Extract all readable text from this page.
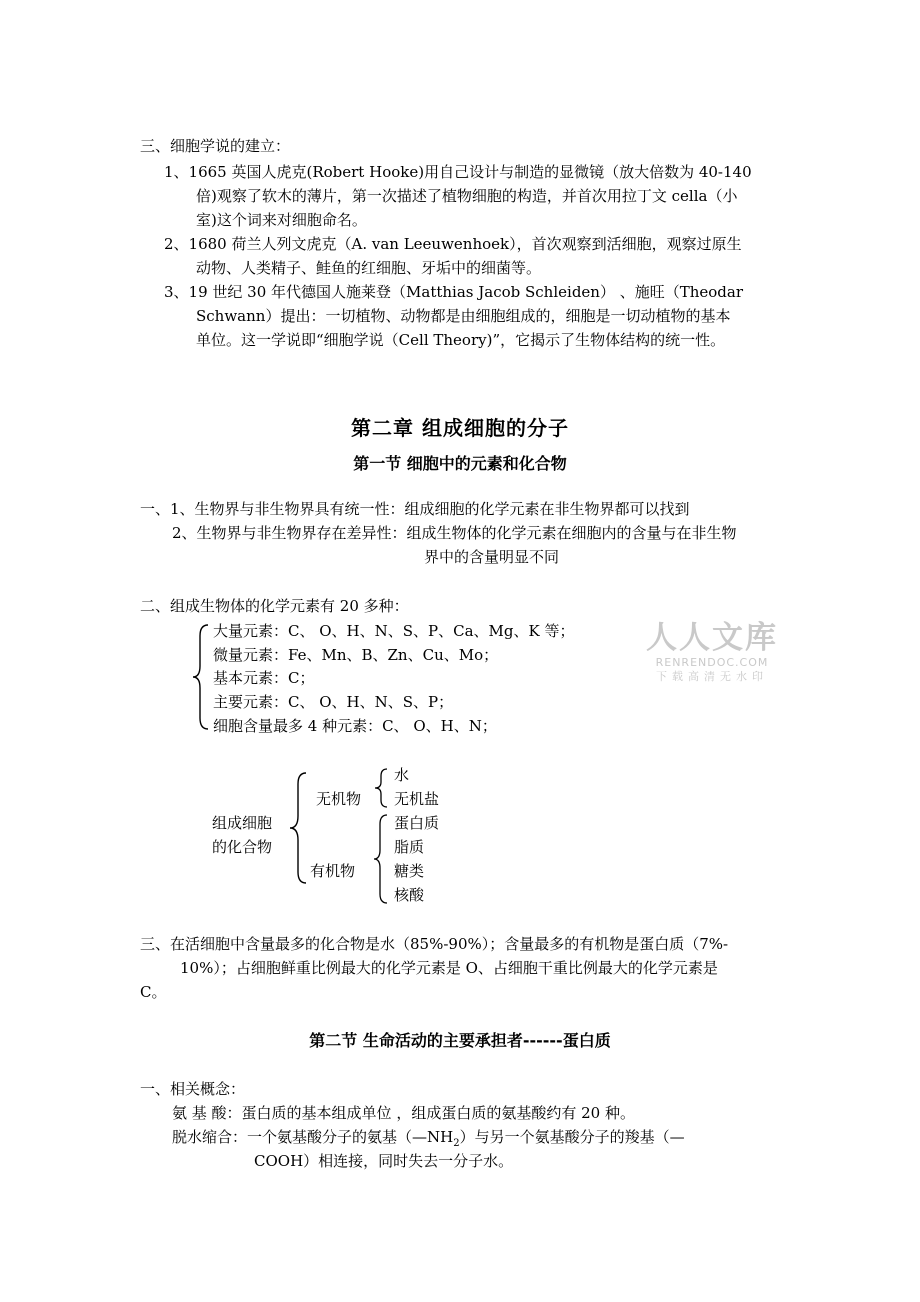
三、细胞学说的建立：
1、1665 英国人虎克(Robert Hooke)用自己设计与制造的显微镜（放大倍数为 40-140
倍)观察了软木的薄片，第一次描述了植物细胞的构造，并首次用拉丁文 cella（小
室)这个词来对细胞命名。
2、1680 荷兰人列文虎克（A. van Leeuwenhoek），首次观察到活细胞，观察过原生
动物、人类精子、鲑鱼的红细胞、牙垢中的细菌等。
3、19 世纪 30 年代德国人施莱登（Matthias Jacob Schleiden） 、施旺（Theodar
Schwann）提出：一切植物、动物都是由细胞组成的，细胞是一切动植物的基本
单位。这一学说即“细胞学说（Cell Theory)”，它揭示了生物体结构的统一性。
第二章 组成细胞的分子
第一节 细胞中的元素和化合物
一、1、生物界与非生物界具有统一性：组成细胞的化学元素在非生物界都可以找到
2、生物界与非生物界存在差异性：组成生物体的化学元素在细胞内的含量与在非生物
界中的含量明显不同
二、组成生物体的化学元素有 20 多种：
大量元素：C、 O、H、N、S、P、Ca、Mg、K 等；
微量元素：Fe、Mn、B、Zn、Cu、Mo；
基本元素：C；
主要元素：C、 O、H、N、S、P；
细胞含量最多 4 种元素：C、 O、H、N；
人人文库
RENRENDOC.COM
下载高清无水印
组成细胞
的化合物
无机物
水
无机盐
有机物
蛋白质
脂质
糖类
核酸
三、在活细胞中含量最多的化合物是水（85%-90%）；含量最多的有机物是蛋白质（7%-
10%）；占细胞鲜重比例最大的化学元素是 O、占细胞干重比例最大的化学元素是
C。
第二节 生命活动的主要承担者------蛋白质
一、相关概念：
氨 基 酸：蛋白质的基本组成单位 ，组成蛋白质的氨基酸约有 20 种。
脱水缩合：一个氨基酸分子的氨基$(—NH_2)$与另一个氨基酸分子的羧基（—
COOH）相连接，同时失去一分子水。
